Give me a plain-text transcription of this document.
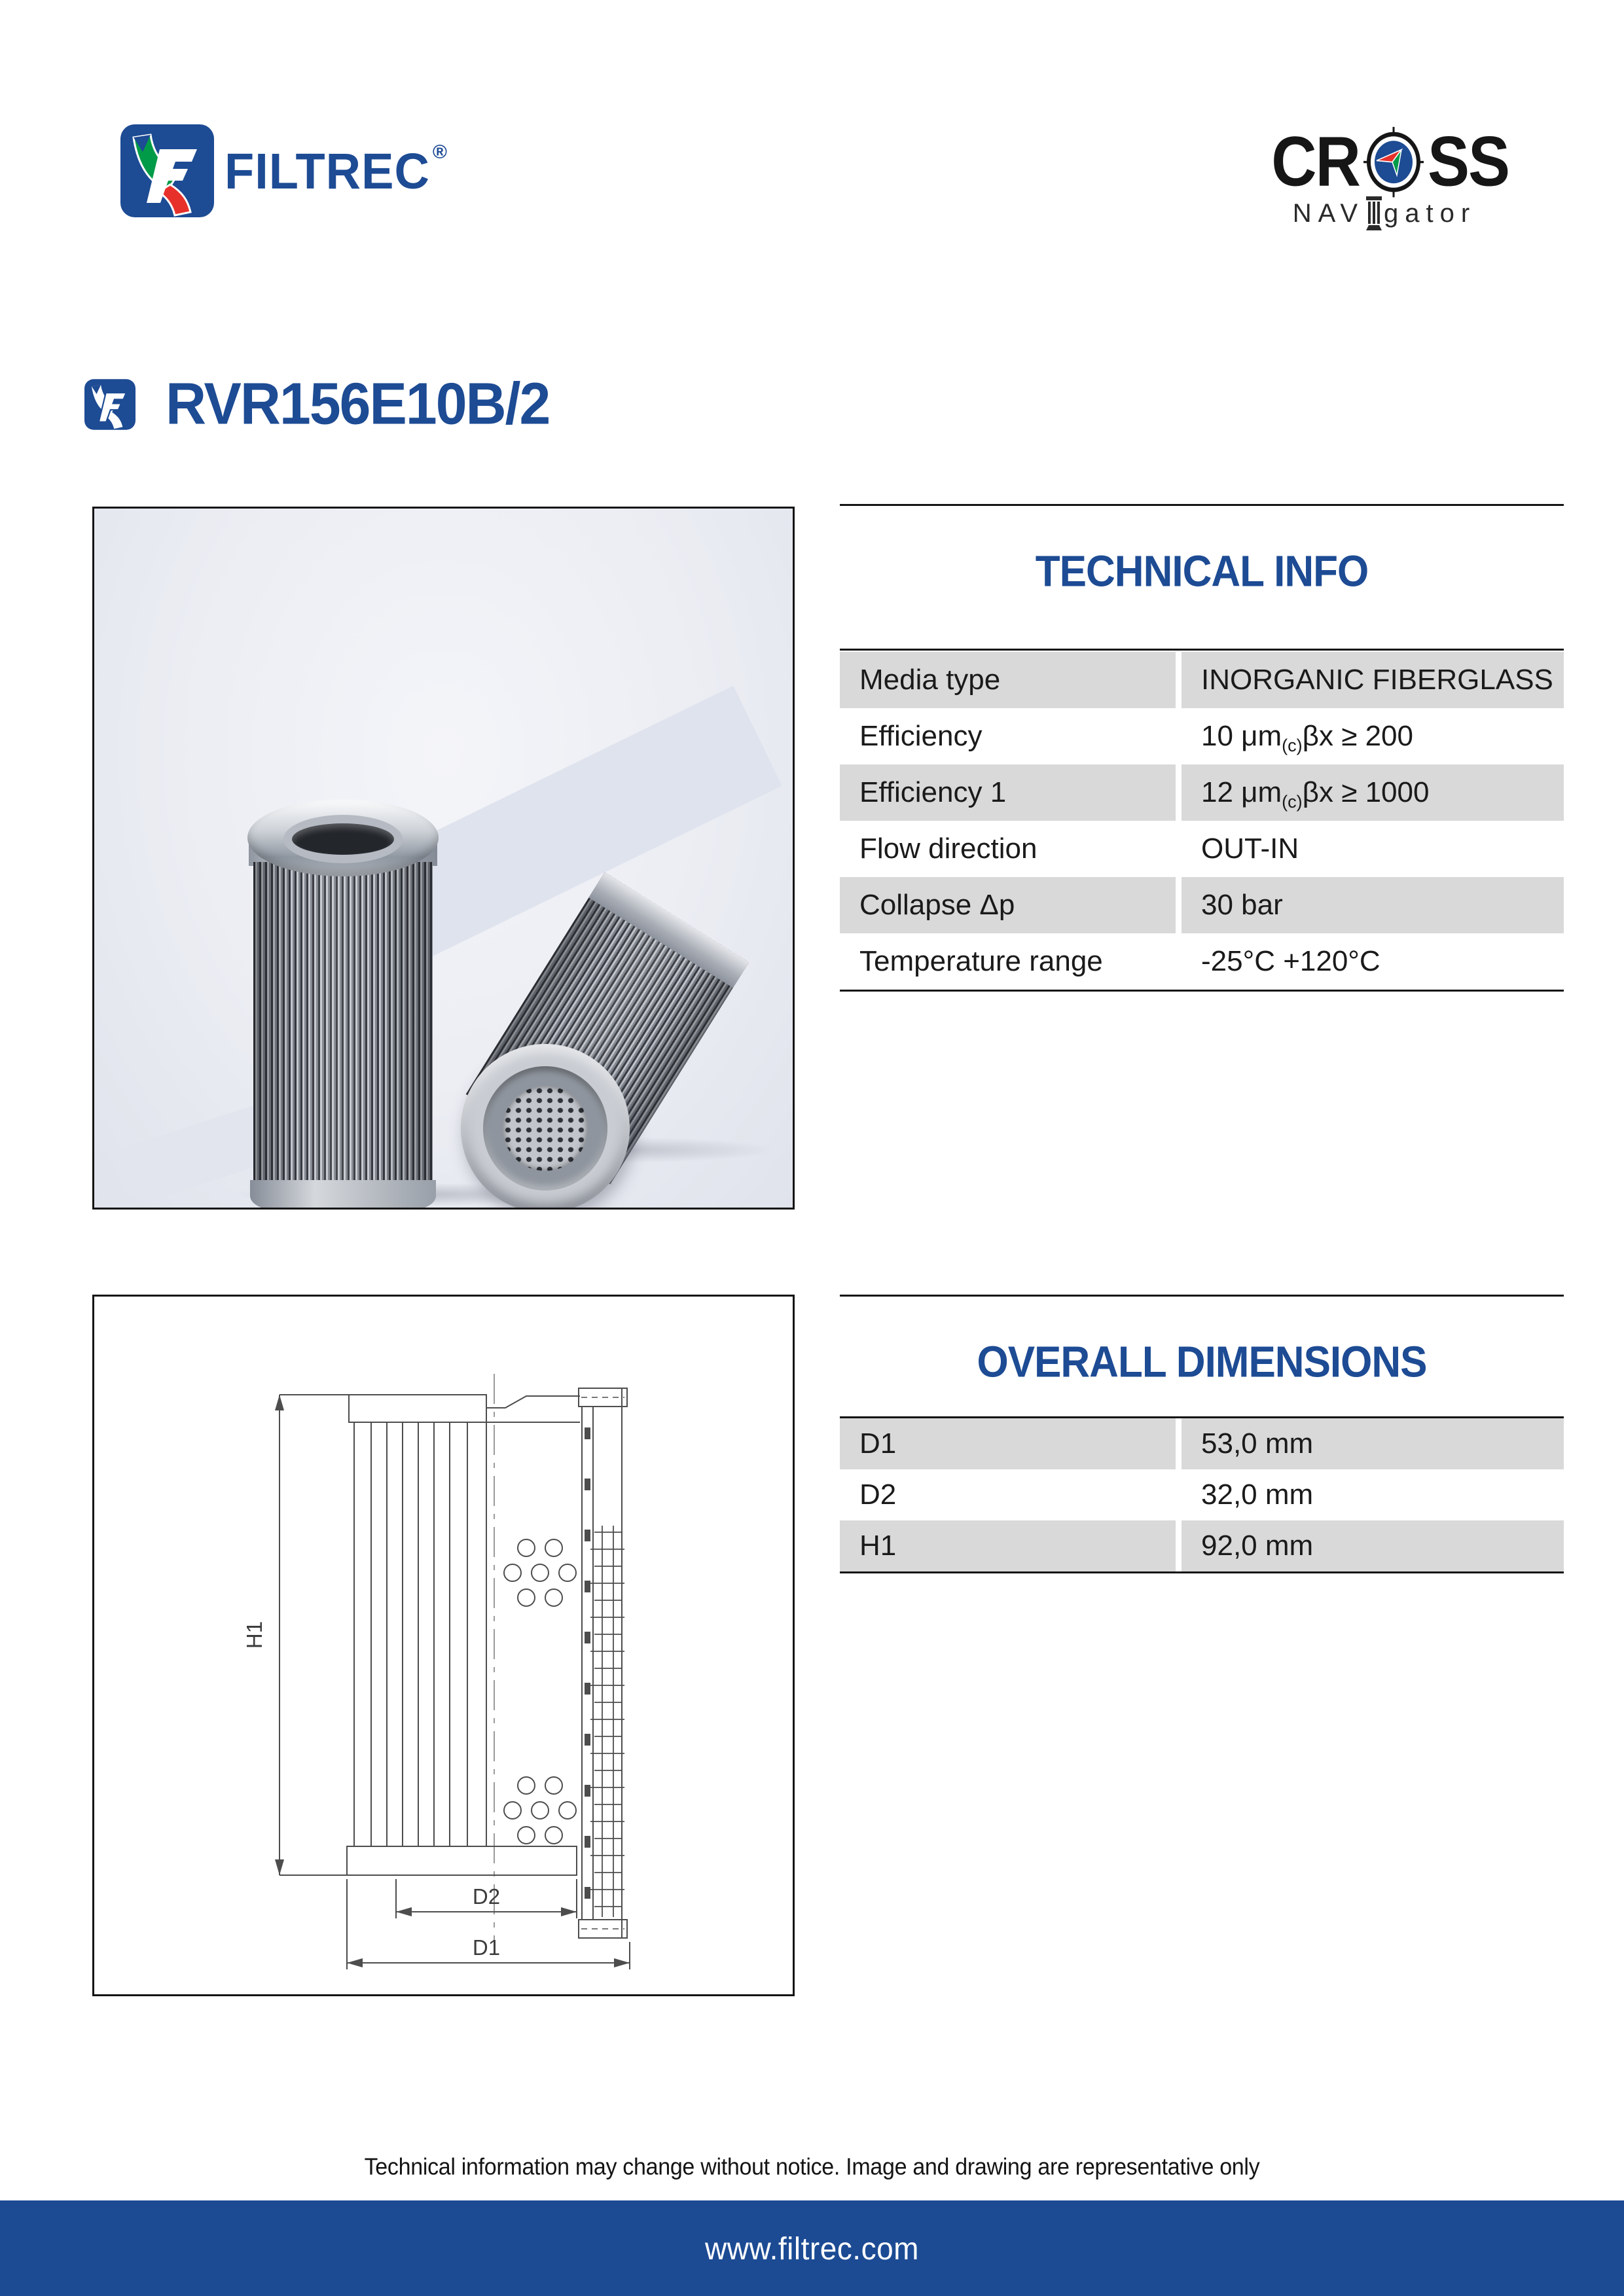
FILTREC ®	CR SS
NAV gator
RVR156E10B/2
TECHNICAL INFO
Media type	INORGANIC FIBERGLASS
Efficiency	10 μm (c) βx ≥ 200
Efficiency 1	12 μm (c) βx ≥ 1000
Flow direction	OUT-IN
Collapse Δp	30 bar
Temperature range	-25°C +120°C
H1
D2
D1
OVERALL DIMENSIONS
D1	53,0 mm
D2	32,0 mm
H1	92,0 mm
Technical information may change without notice. Image and drawing are representative only
www.filtrec.com
